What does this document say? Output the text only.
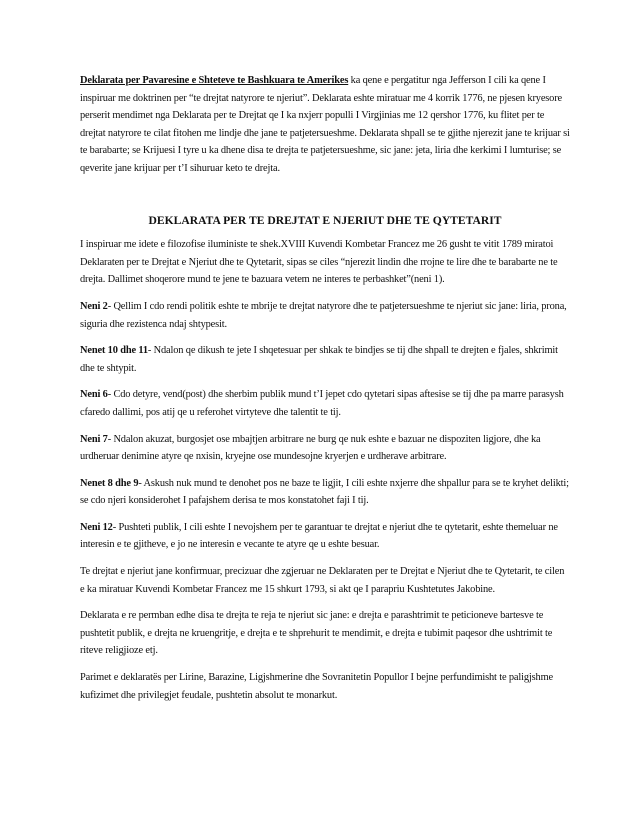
Deklarata per Pavaresine e Shteteve te Bashkuara te Amerikes ka qene e pergatitur nga Jefferson I cili ka qene I inspiruar me doktrinen per “te drejtat natyrore te njeriut”. Deklarata eshte miratuar me 4 korrik 1776, ne pjesen kryesore perserit mendimet nga Deklarata per te Drejtat qe I ka nxjerr populli I Virgjinias me 12 qershor 1776, ku flitet per te drejtat natyrore te cilat fitohen me lindje dhe jane te patjetersueshme. Deklarata shpall se te gjithe njerezit jane te krijuar si te barabarte; se Krijuesi I tyre u ka dhene disa te drejta te patjetersueshme, sic jane: jeta, liria dhe kerkimi I lumturise; se qeverite jane krijuar per t’I sihuruar keto te drejta.

DEKLARATA PER TE DREJTAT E NJERIUT DHE TE QYTETARIT

I inspiruar me idete e filozofise iluministe te shek.XVIII Kuvendi Kombetar Francez me 26 gusht te vitit 1789 miratoi Deklaraten per te Drejtat e Njeriut dhe te Qytetarit, sipas se ciles “njerezit lindin dhe rrojne te lire dhe te barabarte ne te drejta. Dallimet shoqerore mund te jene te bazuara vetem ne interes te perbashket”(neni 1).

Neni 2- Qellim I cdo rendi politik eshte te mbrije te drejtat natyrore dhe te patjetersueshme te njeriut sic jane: liria, prona, siguria dhe rezistenca ndaj shtypesit.

Nenet 10 dhe 11- Ndalon qe dikush te jete I shqetesuar per shkak te bindjes se tij dhe shpall te drejten e fjales, shkrimit dhe te shtypit.

Neni 6- Cdo detyre, vend(post) dhe sherbim publik mund t’I jepet cdo qytetari sipas aftesise se tij dhe pa marre parasysh cfaredo dallimi, pos atij qe u referohet virtyteve dhe talentit te tij.

Neni 7- Ndalon akuzat, burgosjet ose mbajtjen arbitrare ne burg qe nuk eshte e bazuar ne dispoziten ligjore, dhe ka urdheruar denimine atyre qe nxisin, kryejne ose mundesojne kryerjen e urdherave arbitrare.

Nenet 8 dhe 9- Askush nuk mund te denohet pos ne baze te ligjit, I cili eshte nxjerre dhe shpallur para se te kryhet delikti; se cdo njeri konsiderohet I pafajshem derisa te mos konstatohet faji I tij.

Neni 12- Pushteti publik, I cili eshte I nevojshem per te garantuar te drejtat e njeriut dhe te qytetarit, eshte themeluar ne interesin e te gjitheve, e jo ne interesin e vecante te atyre qe u eshte besuar.

Te drejtat e njeriut jane konfirmuar, precizuar dhe zgjeruar ne Deklaraten per te Drejtat e Njeriut dhe te Qytetarit, te cilen e ka miratuar Kuvendi Kombetar Francez me 15 shkurt 1793, si akt qe I parapriu Kushtetutes Jakobine.

Deklarata e re permban edhe disa te drejta te reja te njeriut sic jane: e drejta e parashtrimit te peticioneve bartesve te pushtetit publik, e drejta ne kruengritje, e drejta e te shprehurit te mendimit, e drejta e tubimit paqesor dhe ushtrimit te riteve religjioze etj.

Parimet e deklaratës per Lirine, Barazine, Ligjshmerine dhe Sovranitetin Popullor I bejne perfundimisht te paligjshme kufizimet dhe privilegjet feudale, pushtetin absolut te monarkut.
